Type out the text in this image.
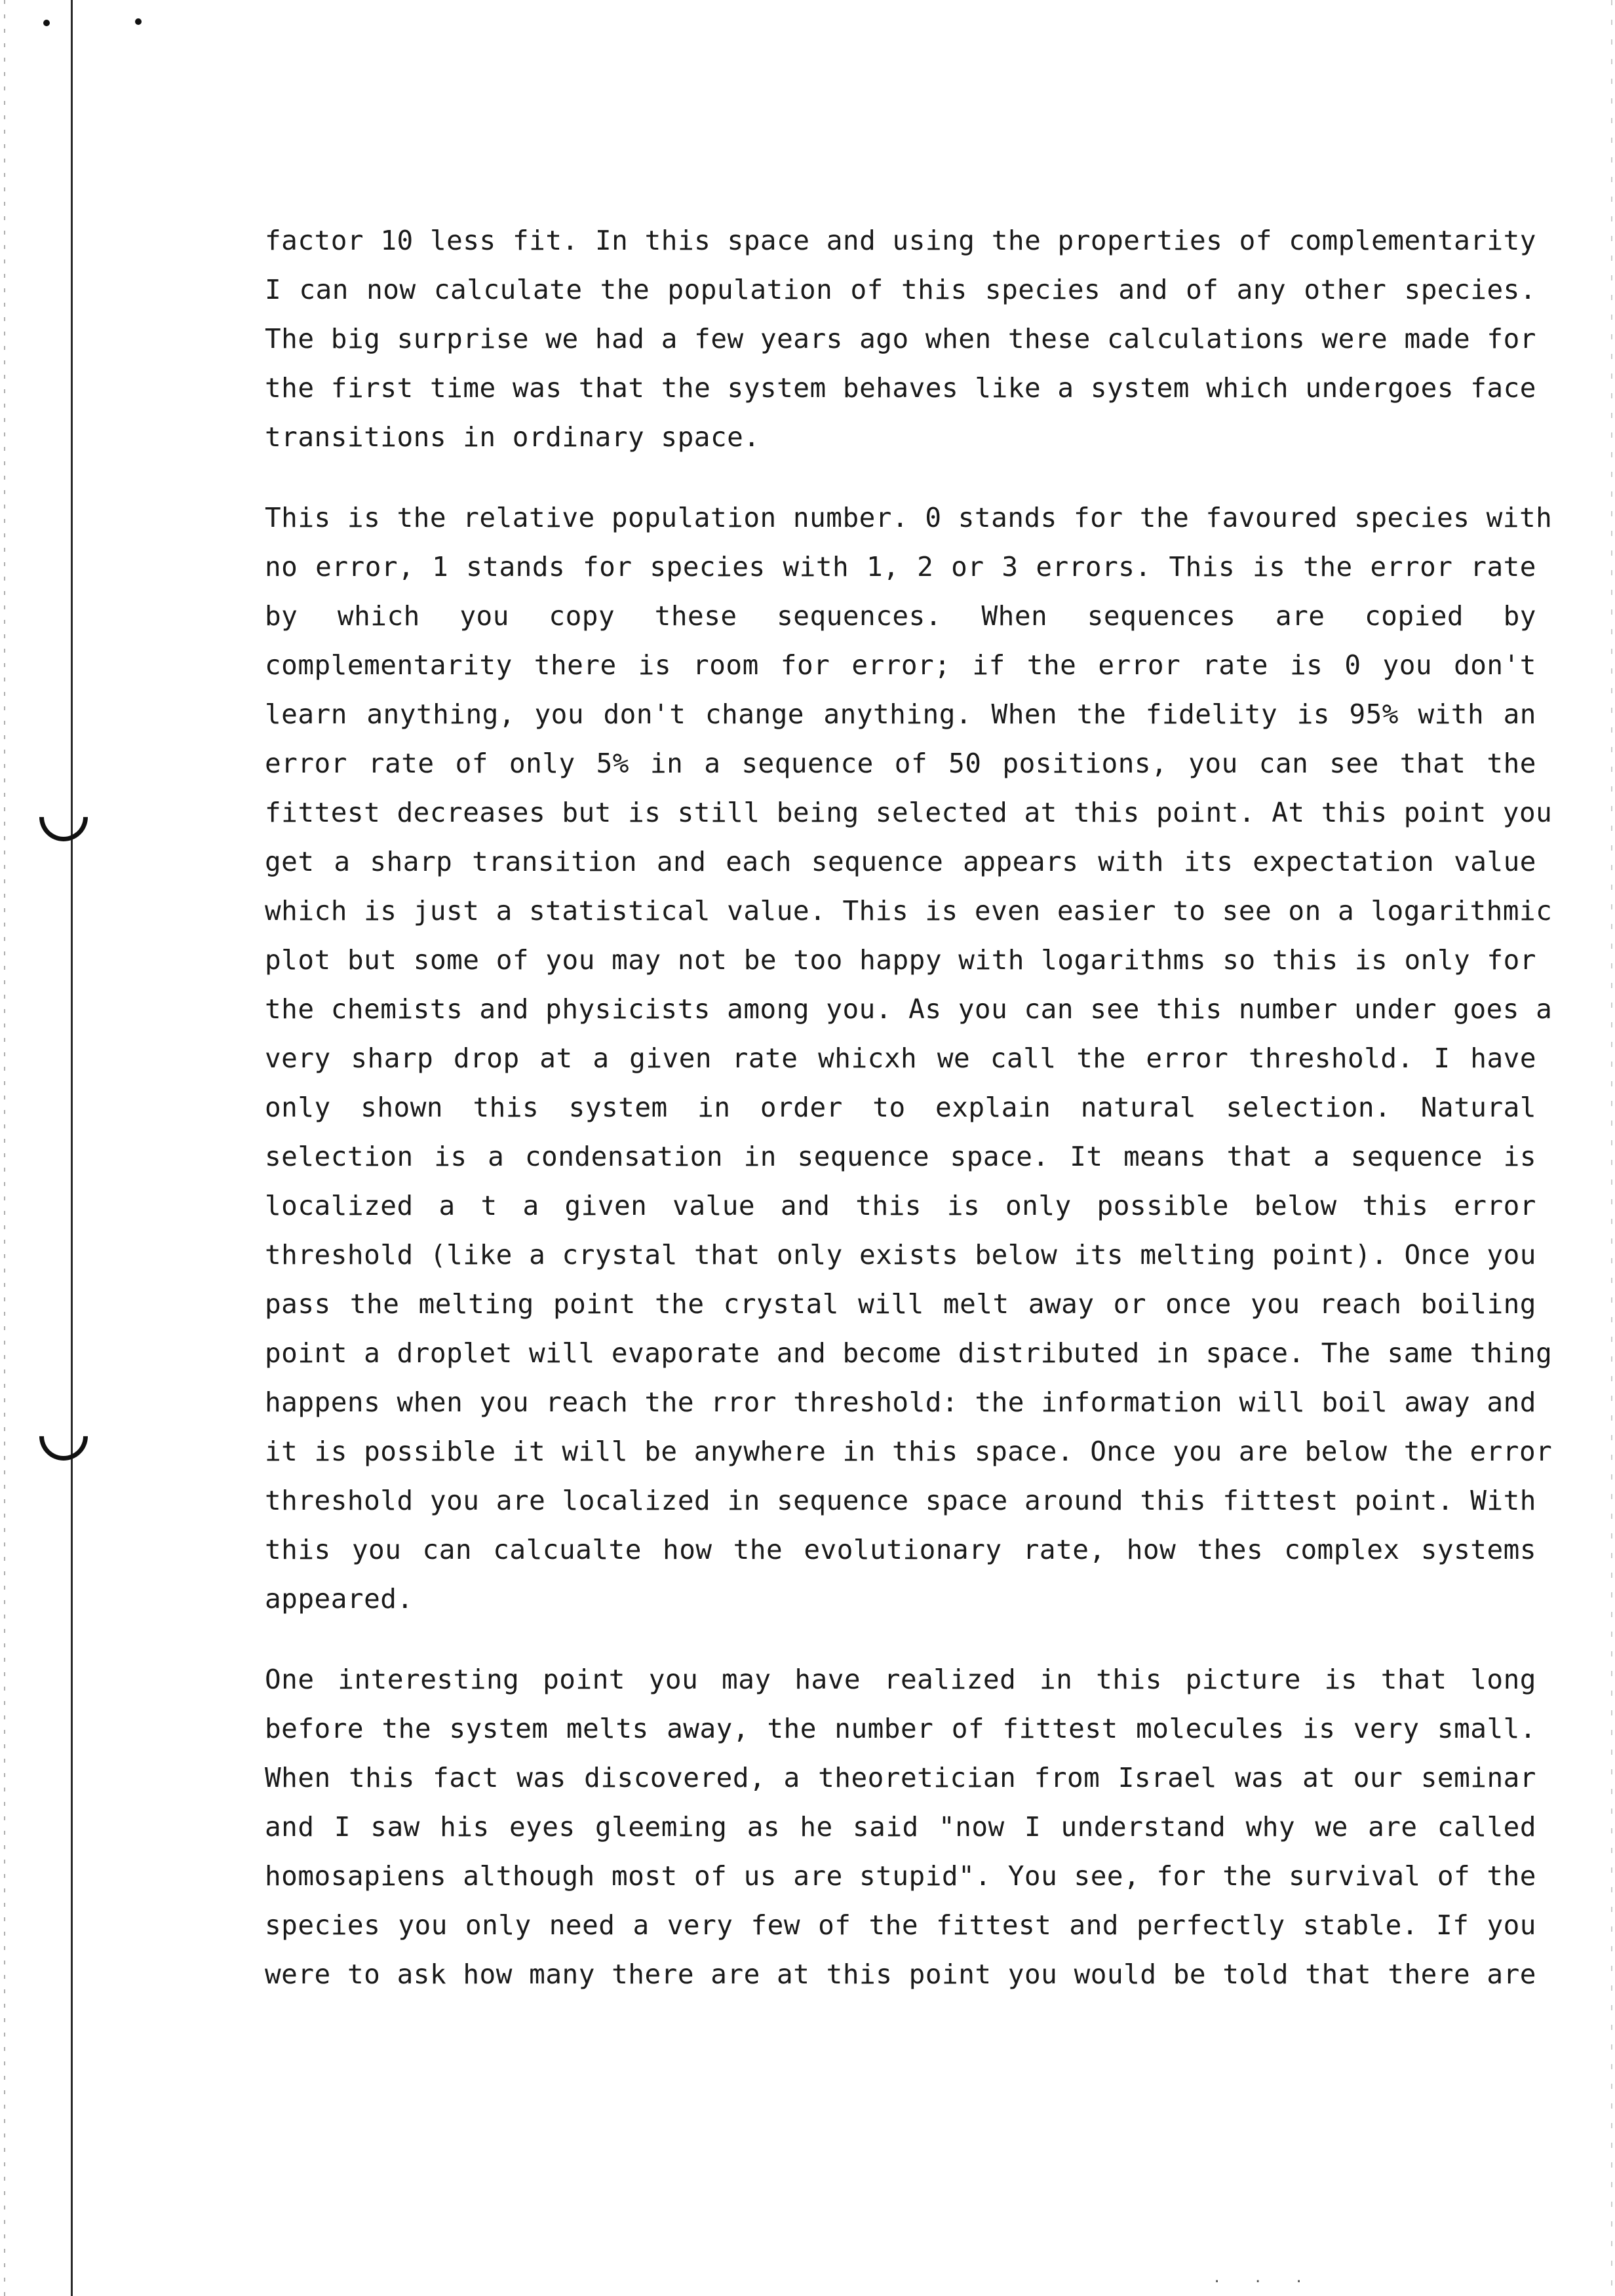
factor 10 less fit. In this space and using the properties of complementarity
I can now calculate the population of this species and of any other species.
The big surprise we had a few years ago when these calculations were made for
the first time was that the system behaves like a system which undergoes face
transitions in ordinary space.

This is the relative population number. 0 stands for the favoured species with
no error, 1 stands for species with 1, 2 or 3 errors. This is the error rate
by which you copy these sequences. When sequences are copied by
complementarity there is room for error; if the error rate is 0 you don't
learn anything, you don't change anything. When the fidelity is 95% with an
error rate of only 5% in a sequence of 50 positions, you can see that the
fittest decreases but is still being selected at this point. At this point you
get a sharp transition and each sequence appears with its expectation value
which is just a statistical value. This is even easier to see on a logarithmic
plot but some of you may not be too happy with logarithms so this is only for
the chemists and physicists among you. As you can see this number under goes a
very sharp drop at a given rate whicxh we call the error threshold. I have
only shown this system in order to explain natural selection. Natural
selection is a condensation in sequence space. It means that a sequence is
localized a t a given value and this is only possible below this error
threshold (like a crystal that only exists below its melting point). Once you
pass the melting point the crystal will melt away or once you reach boiling
point a droplet will evaporate and become distributed in space. The same thing
happens when you reach the rror threshold: the information will boil away and
it is possible it will be anywhere in this space. Once you are below the error
threshold you are localized in sequence space around this fittest point. With
this you can calcualte how the evolutionary rate, how thes complex systems
appeared.

One interesting point you may have realized in this picture is that long
before the system melts away, the number of fittest molecules is very small.
When this fact was discovered, a theoretician from Israel was at our seminar
and I saw his eyes gleeming as he said "now I understand why we are called
homosapiens although most of us are stupid". You see, for the survival of the
species you only need a very few of the fittest and perfectly stable. If you
were to ask how many there are at this point you would be told that there are

· · ·
